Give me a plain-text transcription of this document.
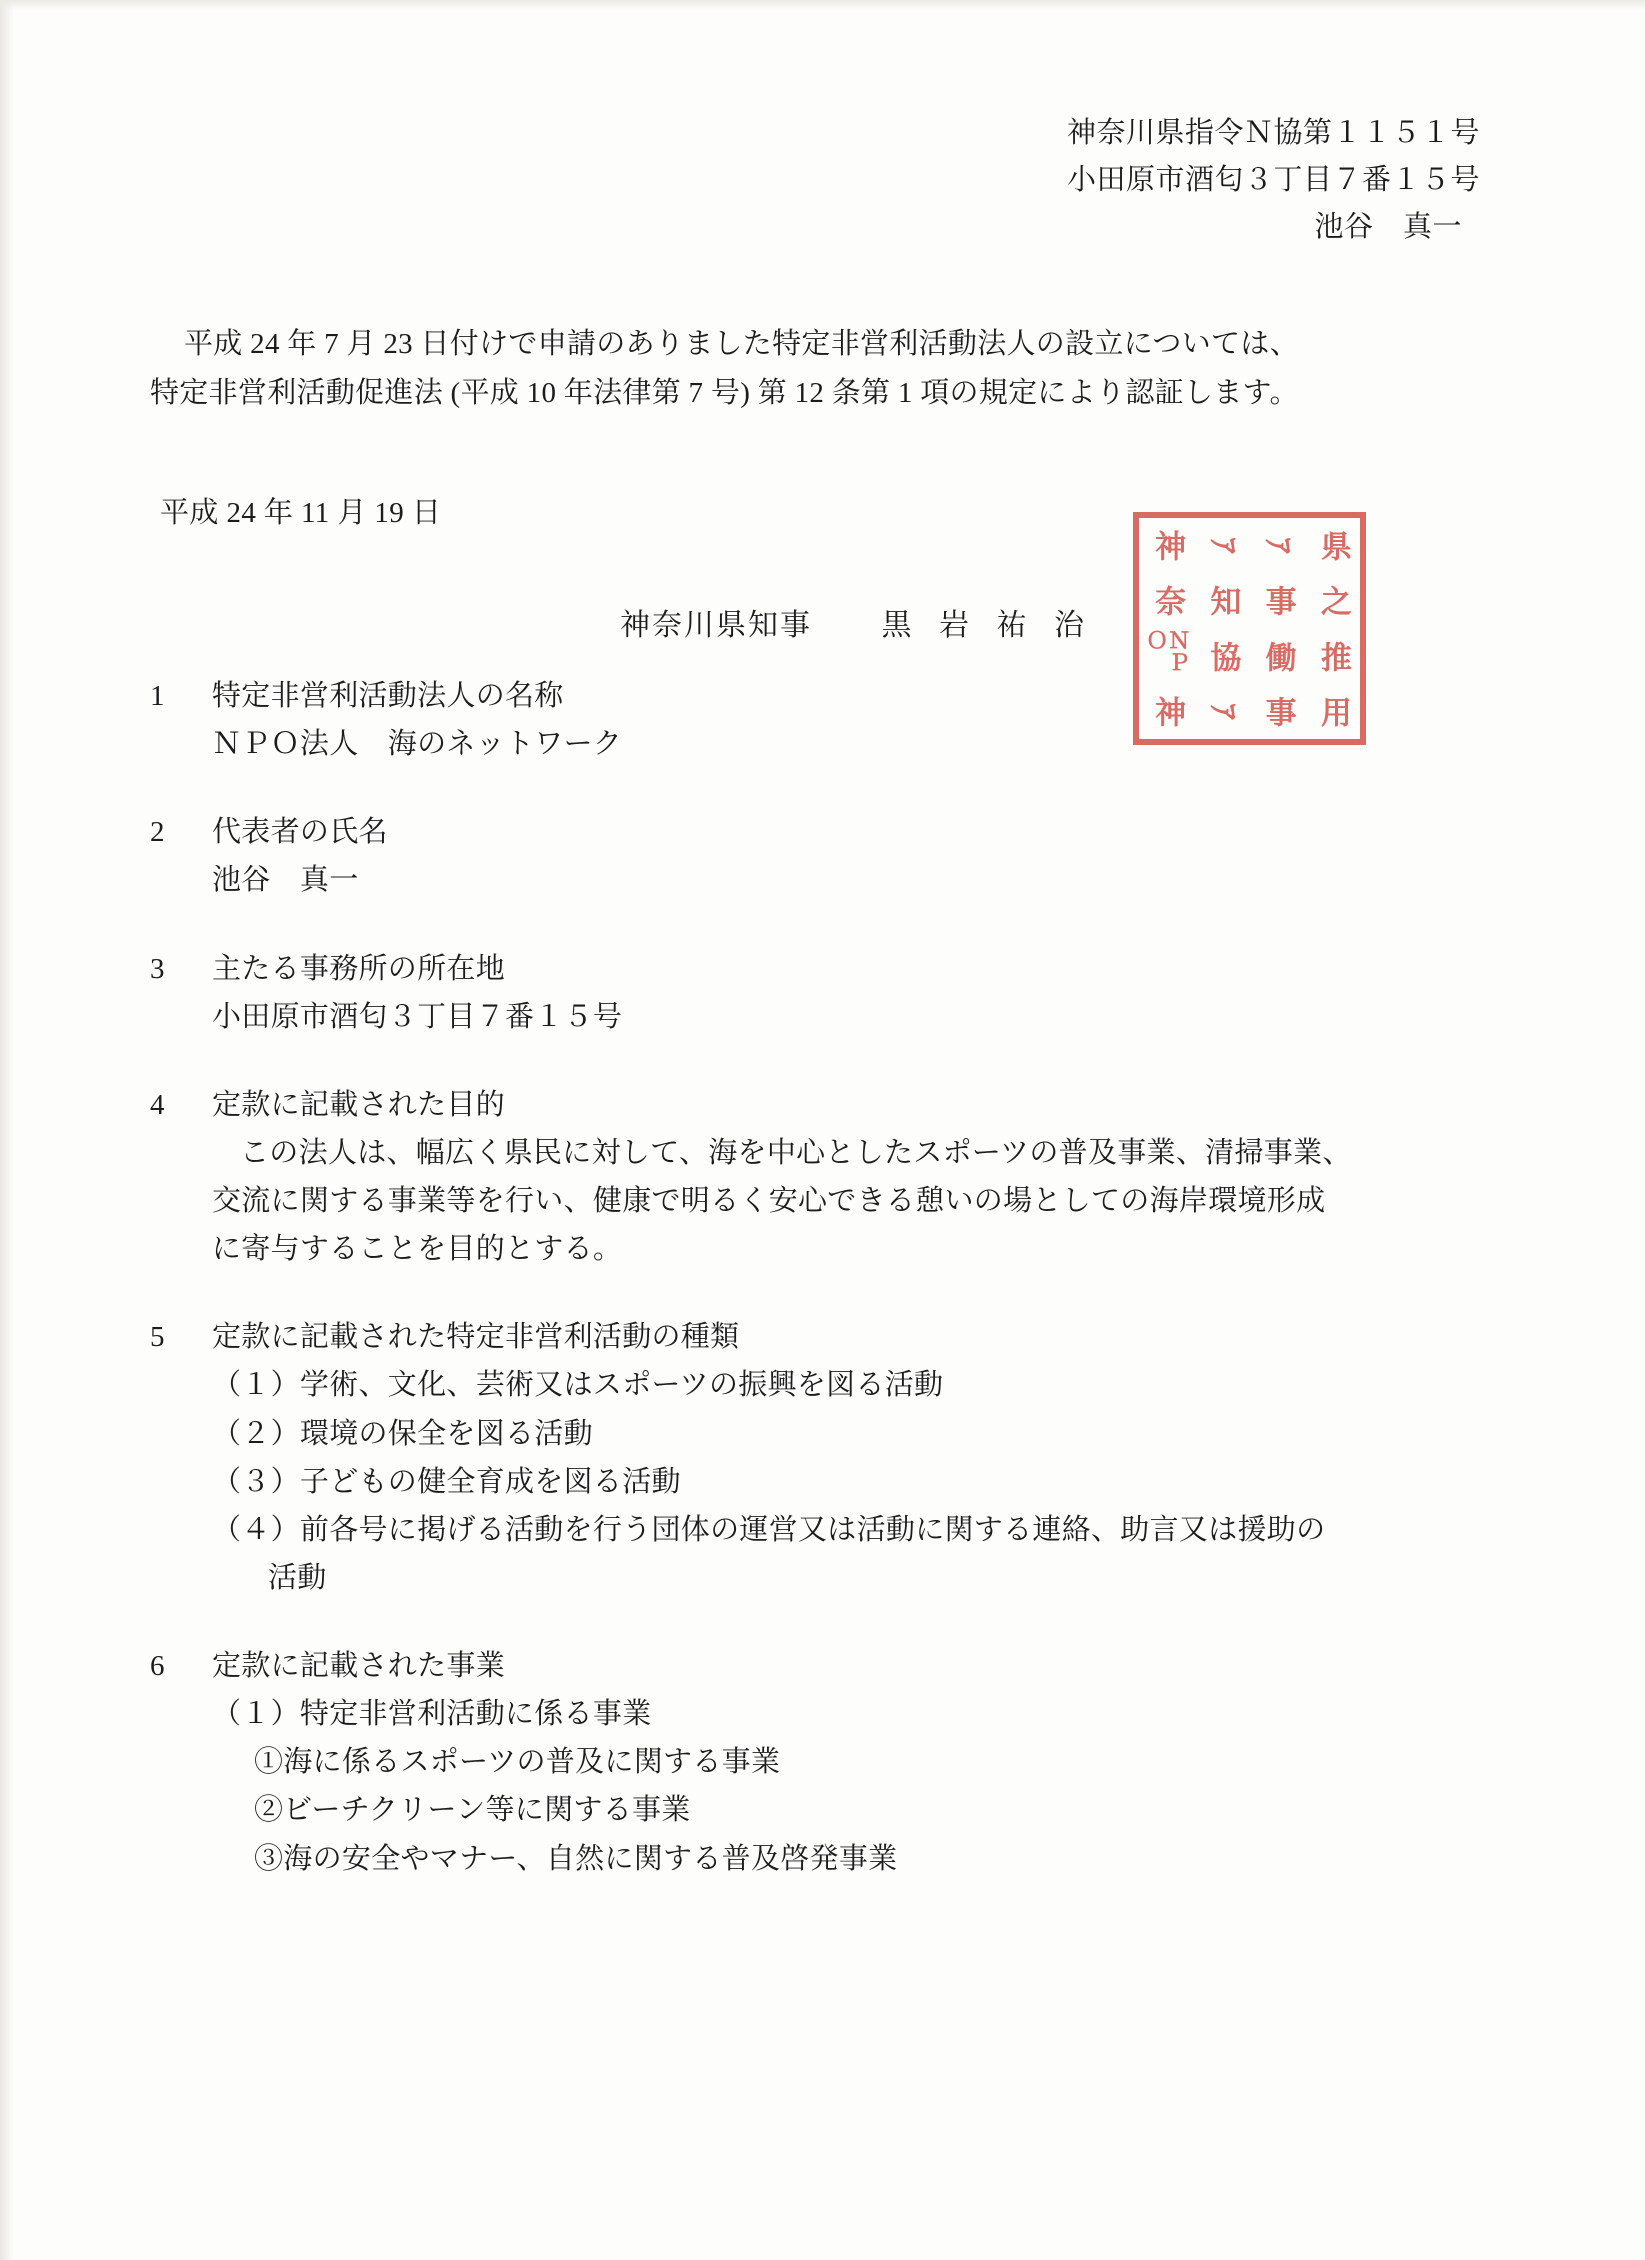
神奈川県指令Ｎ協第１１５１号
小田原市酒匂３丁目７番１５号
池谷　真一
平成 24 年 7 月 23 日付けで申請のありました特定非営利活動法人の設立については、
特定非営利活動促進法 (平成 10 年法律第 7 号) 第 12 条第 1 項の規定により認証します。
平成 24 年 11 月 19 日
神奈川県知事 黒 岩 祐 治
神 ｱ ｱ 県
奈 知 事 之
ＮＰＯ
協 働 推
神 ｱ 事 用
1	特定非営利活動法人の名称
ＮＰＯ法人　海のネットワーク
2	代表者の氏名
池谷　真一
3	主たる事務所の所在地
小田原市酒匂３丁目７番１５号
4	定款に記載された目的
この法人は、幅広く県民に対して、海を中心としたスポーツの普及事業、清掃事業、
交流に関する事業等を行い、健康で明るく安心できる憩いの場としての海岸環境形成
に寄与することを目的とする。
5	定款に記載された特定非営利活動の種類
（１）学術、文化、芸術又はスポーツの振興を図る活動
（２）環境の保全を図る活動
（３）子どもの健全育成を図る活動
（４）前各号に掲げる活動を行う団体の運営又は活動に関する連絡、助言又は援助の
活動
6	定款に記載された事業
（１）特定非営利活動に係る事業
①海に係るスポーツの普及に関する事業
②ビーチクリーン等に関する事業
③海の安全やマナー、自然に関する普及啓発事業
